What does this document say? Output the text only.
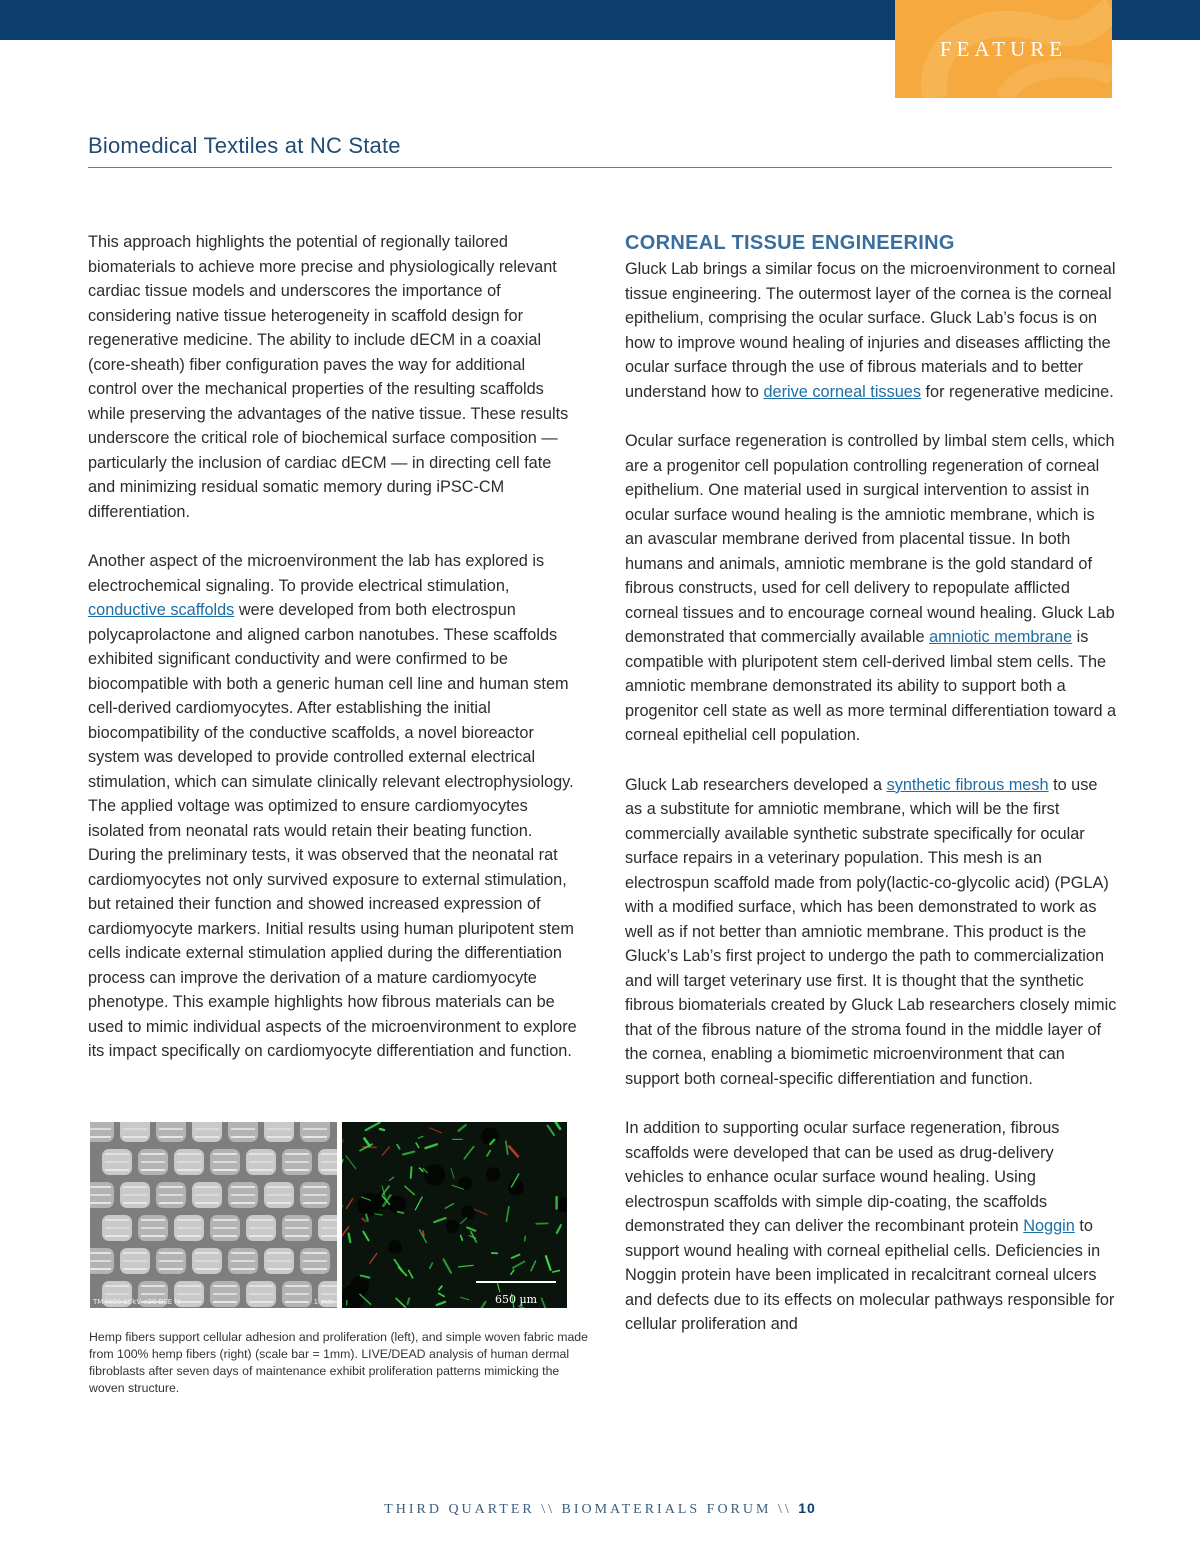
FEATURE
Biomedical Textiles at NC State

This approach highlights the potential of regionally tailored biomaterials to achieve more precise and physiologically relevant cardiac tissue models and underscores the importance of considering native tissue heterogeneity in scaffold design for regenerative medicine. The ability to include dECM in a coaxial (core-sheath) fiber configuration paves the way for additional control over the mechanical properties of the resulting scaffolds while preserving the advantages of the native tissue. These results underscore the critical role of biochemical surface composition — particularly the inclusion of cardiac dECM — in directing cell fate and minimizing residual somatic memory during iPSC-CM differentiation.

Another aspect of the microenvironment the lab has explored is electrochemical signaling. To provide electrical stimulation, conductive scaffolds were developed from both electrospun polycaprolactone and aligned carbon nanotubes. These scaffolds exhibited significant conductivity and were confirmed to be biocompatible with both a generic human cell line and human stem cell-derived cardiomyocytes. After establishing the initial biocompatibility of the conductive scaffolds, a novel bioreactor system was developed to provide controlled external electrical stimulation, which can simulate clinically relevant electrophysiology. The applied voltage was optimized to ensure cardiomyocytes isolated from neonatal rats would retain their beating function. During the preliminary tests, it was observed that the neonatal rat cardiomyocytes not only survived exposure to external stimulation, but retained their function and showed increased expression of cardiomyocyte markers. Initial results using human pluripotent stem cells indicate external stimulation applied during the differentiation process can improve the derivation of a mature cardiomyocyte phenotype. This example highlights how fibrous materials can be used to mimic individual aspects of the microenvironment to explore its impact specifically on cardiomyocyte differentiation and function.

TM4000 15kV x30 BSE M	1 mm	650 µm

Hemp fibers support cellular adhesion and proliferation (left), and simple woven fabric made from 100% hemp fibers (right) (scale bar = 1mm). LIVE/DEAD analysis of human dermal fibroblasts after seven days of maintenance exhibit proliferation patterns mimicking the woven structure.

CORNEAL TISSUE ENGINEERING

Gluck Lab brings a similar focus on the microenvironment to corneal tissue engineering. The outermost layer of the cornea is the corneal epithelium, comprising the ocular surface. Gluck Lab’s focus is on how to improve wound healing of injuries and diseases afflicting the ocular surface through the use of fibrous materials and to better understand how to derive corneal tissues for regenerative medicine.

Ocular surface regeneration is controlled by limbal stem cells, which are a progenitor cell population controlling regeneration of corneal epithelium. One material used in surgical intervention to assist in ocular surface wound healing is the amniotic membrane, which is an avascular membrane derived from placental tissue. In both humans and animals, amniotic membrane is the gold standard of fibrous constructs, used for cell delivery to repopulate afflicted corneal tissues and to encourage corneal wound healing. Gluck Lab demonstrated that commercially available amniotic membrane is compatible with pluripotent stem cell-derived limbal stem cells. The amniotic membrane demonstrated its ability to support both a progenitor cell state as well as more terminal differentiation toward a corneal epithelial cell population.

Gluck Lab researchers developed a synthetic fibrous mesh to use as a substitute for amniotic membrane, which will be the first commercially available synthetic substrate specifically for ocular surface repairs in a veterinary population. This mesh is an electrospun scaffold made from poly(lactic-co-glycolic acid) (PGLA) with a modified surface, which has been demonstrated to work as well as if not better than amniotic membrane. This product is the Gluck’s Lab’s first project to undergo the path to commercialization and will target veterinary use first. It is thought that the synthetic fibrous biomaterials created by Gluck Lab researchers closely mimic that of the fibrous nature of the stroma found in the middle layer of the cornea, enabling a biomimetic microenvironment that can support both corneal-specific differentiation and function.

In addition to supporting ocular surface regeneration, fibrous scaffolds were developed that can be used as drug-delivery vehicles to enhance ocular surface wound healing. Using electrospun scaffolds with simple dip-coating, the scaffolds demonstrated they can deliver the recombinant protein Noggin to support wound healing with corneal epithelial cells. Deficiencies in Noggin protein have been implicated in recalcitrant corneal ulcers and defects due to its effects on molecular pathways responsible for cellular proliferation and

THIRD QUARTER \\ BIOMATERIALS FORUM \\ 10
